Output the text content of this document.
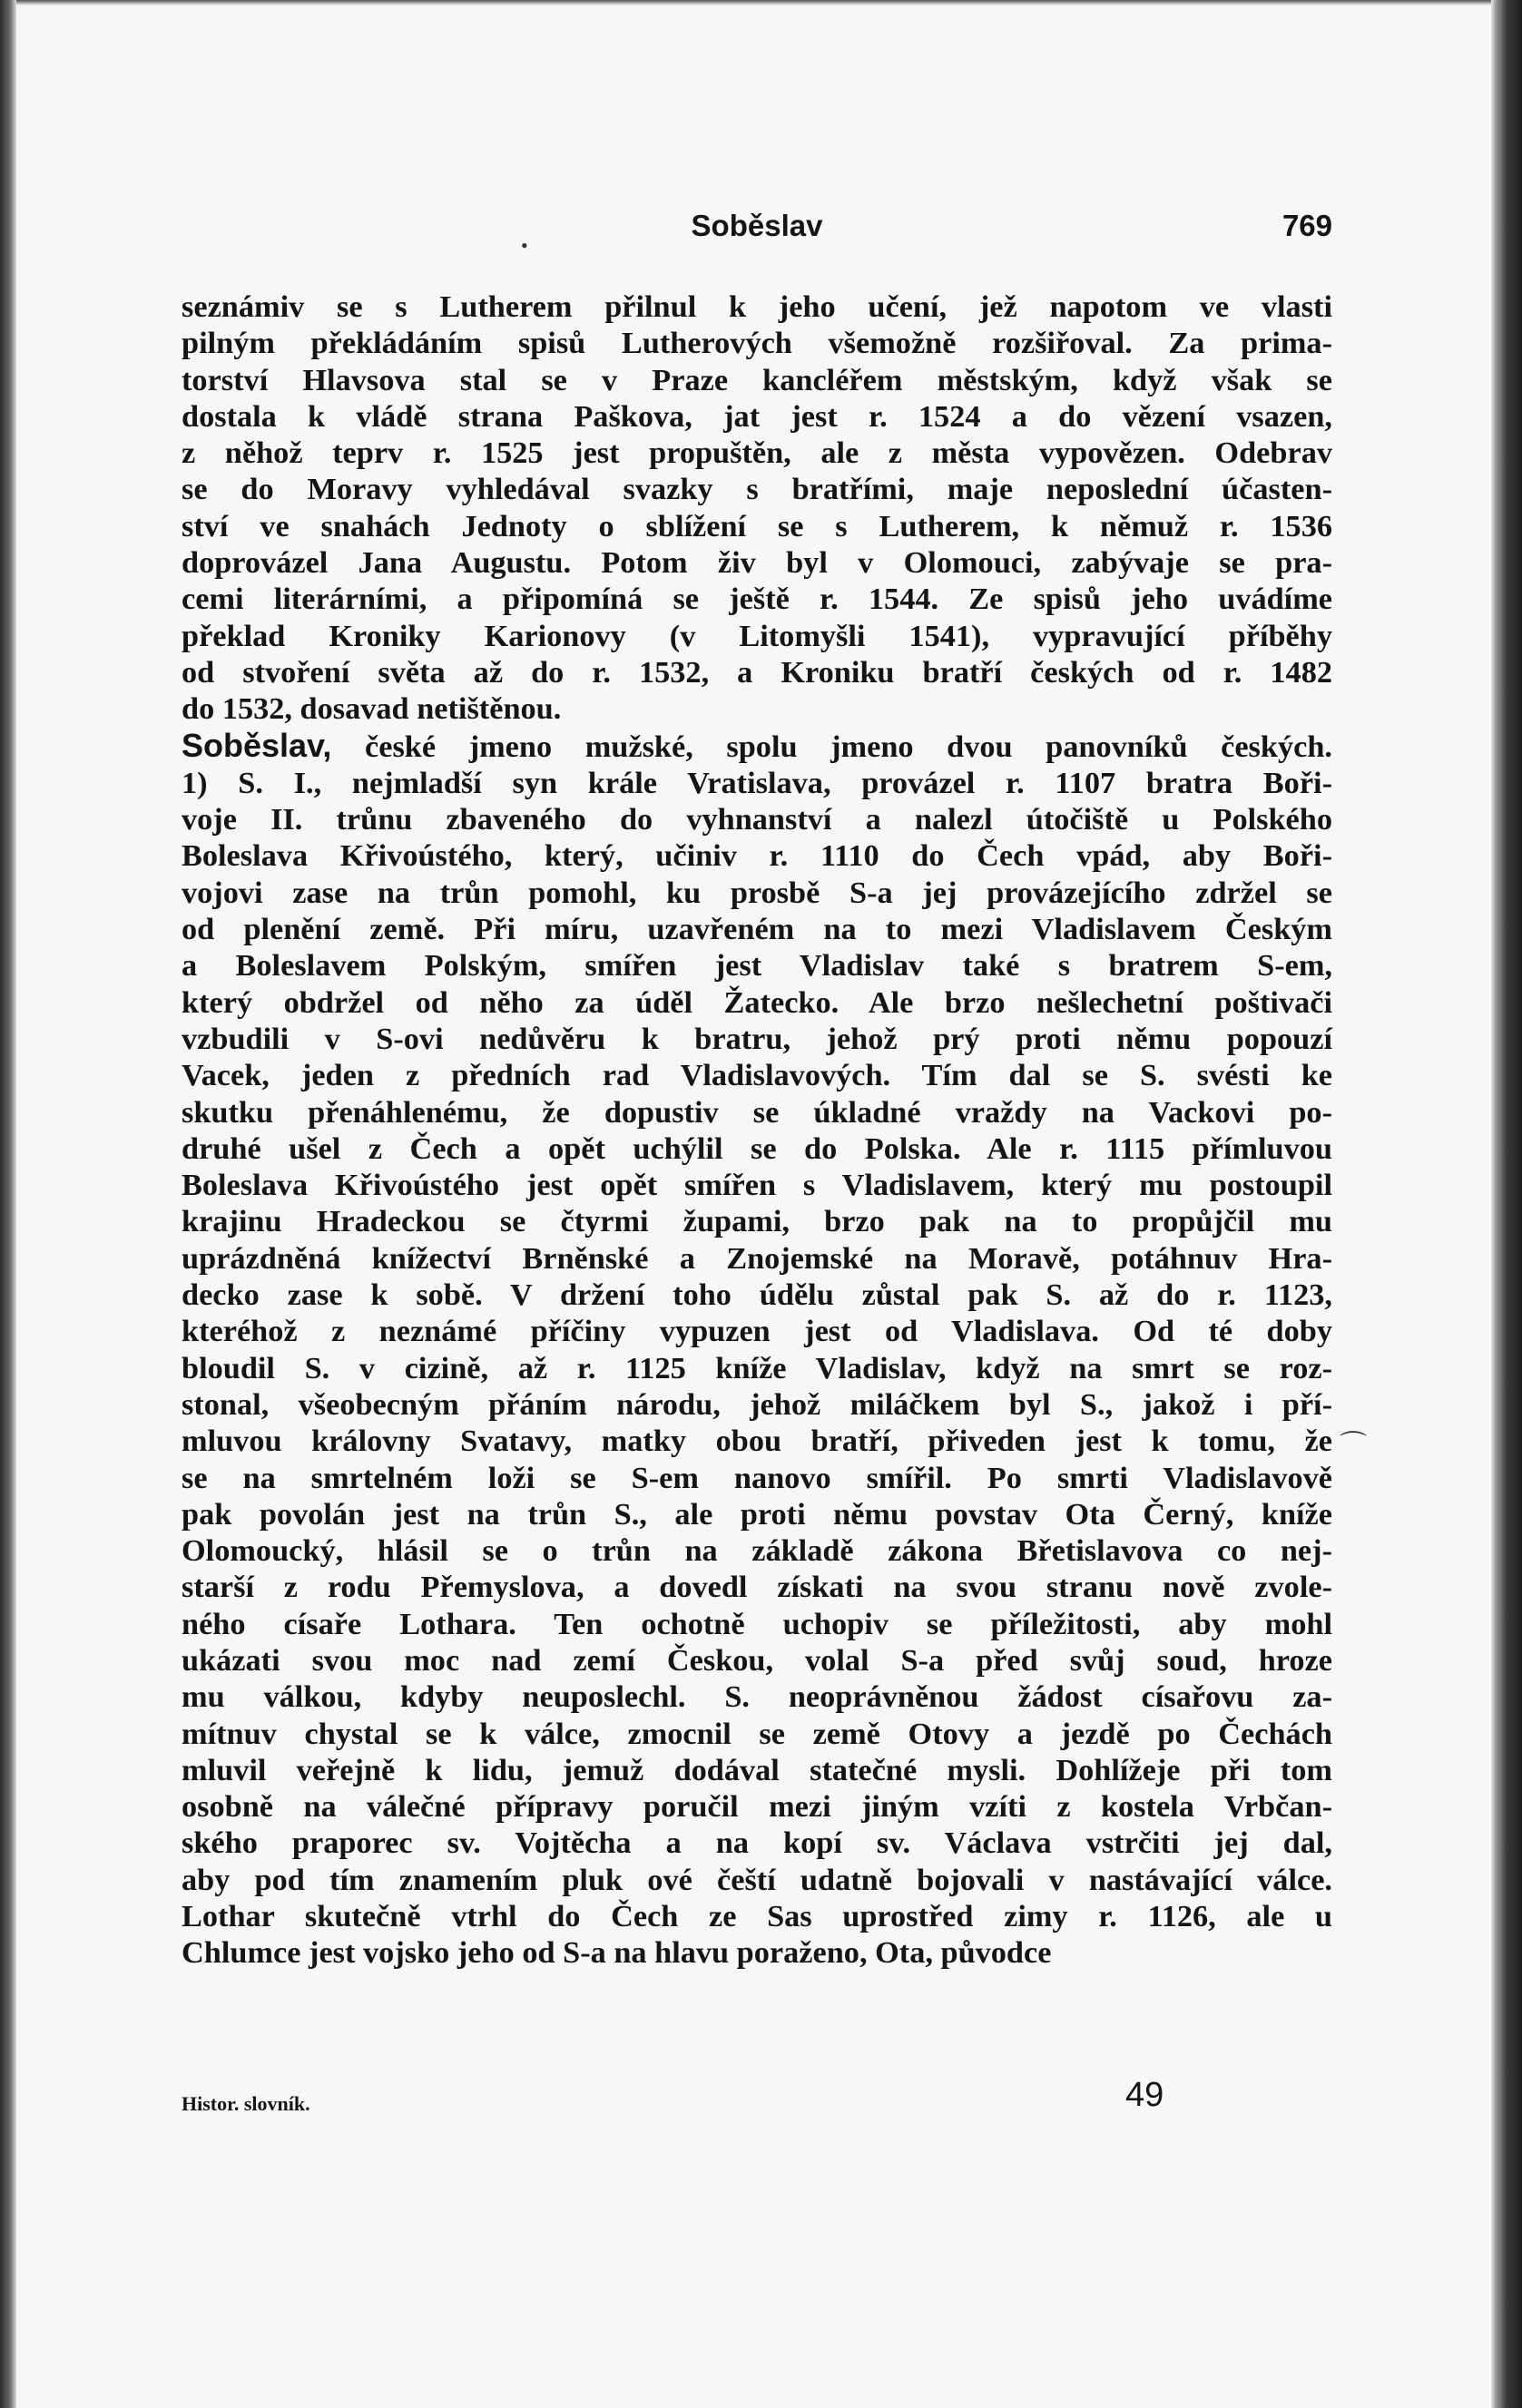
Soběslav	769

seznámiv se s Lutherem přilnul k jeho učení, jež napotom ve vlasti
pilným překládáním spisů Lutherových všemožně rozšiřoval. Za prima-
torství Hlavsova stal se v Praze kancléřem městským, když však se
dostala k vládě strana Paškova, jat jest r. 1524 a do vězení vsazen,
z něhož teprv r. 1525 jest propuštěn, ale z města vypovězen. Odebrav
se do Moravy vyhledával svazky s bratřími, maje neposlední účasten-
ství ve snahách Jednoty o sblížení se s Lutherem, k němuž r. 1536
doprovázel Jana Augustu. Potom živ byl v Olomouci, zabývaje se pra-
cemi literárními, a připomíná se ještě r. 1544. Ze spisů jeho uvádíme
překlad Kroniky Karionovy (v Litomyšli 1541), vypravující příběhy
od stvoření světa až do r. 1532, a Kroniku bratří českých od r. 1482
do 1532, dosavad netištěnou.

Soběslav, české jmeno mužské, spolu jmeno dvou panovníků českých.
1) S. I., nejmladší syn krále Vratislava, provázel r. 1107 bratra Boři-
voje II. trůnu zbaveného do vyhnanství a nalezl útočiště u Polského
Boleslava Křivoústého, který, učiniv r. 1110 do Čech vpád, aby Boři-
vojovi zase na trůn pomohl, ku prosbě S-a jej provázejícího zdržel se
od plenění země. Při míru, uzavřeném na to mezi Vladislavem Českým
a Boleslavem Polským, smířen jest Vladislav také s bratrem S-em,
který obdržel od něho za úděl Žatecko. Ale brzo nešlechetní poštivači
vzbudili v S-ovi nedůvěru k bratru, jehož prý proti němu popouzí
Vacek, jeden z předních rad Vladislavových. Tím dal se S. svésti ke
skutku přenáhlenému, že dopustiv se úkladné vraždy na Vackovi po-
druhé ušel z Čech a opět uchýlil se do Polska. Ale r. 1115 přímluvou
Boleslava Křivoústého jest opět smířen s Vladislavem, který mu postoupil
krajinu Hradeckou se čtyrmi župami, brzo pak na to propůjčil mu
uprázdněná knížectví Brněnské a Znojemské na Moravě, potáhnuv Hra-
decko zase k sobě. V držení toho údělu zůstal pak S. až do r. 1123,
kteréhož z neznámé příčiny vypuzen jest od Vladislava. Od té doby
bloudil S. v cizině, až r. 1125 kníže Vladislav, když na smrt se roz-
stonal, všeobecným přáním národu, jehož miláčkem byl S., jakož i pří-
mluvou královny Svatavy, matky obou bratří, přiveden jest k tomu, že
se na smrtelném loži se S-em nanovo smířil. Po smrti Vladislavově
pak povolán jest na trůn S., ale proti němu povstav Ota Černý, kníže
Olomoucký, hlásil se o trůn na základě zákona Břetislavova co nej-
starší z rodu Přemyslova, a dovedl získati na svou stranu nově zvole-
ného císaře Lothara. Ten ochotně uchopiv se příležitosti, aby mohl
ukázati svou moc nad zemí Českou, volal S-a před svůj soud, hroze
mu válkou, kdyby neuposlechl. S. neoprávněnou žádost císařovu za-
mítnuv chystal se k válce, zmocnil se země Otovy a jezdě po Čechách
mluvil veřejně k lidu, jemuž dodával statečné mysli. Dohlížeje při tom
osobně na válečné přípravy poručil mezi jiným vzíti z kostela Vrbčan-
ského praporec sv. Vojtěcha a na kopí sv. Václava vstrčiti jej dal,
aby pod tím znamením pluk ové čeští udatně bojovali v nastávající válce.
Lothar skutečně vtrhl do Čech ze Sas uprostřed zimy r. 1126, ale u
Chlumce jest vojsko jeho od S-a na hlavu poraženo, Ota, původce

Histor. slovník.	49
•
⌒
